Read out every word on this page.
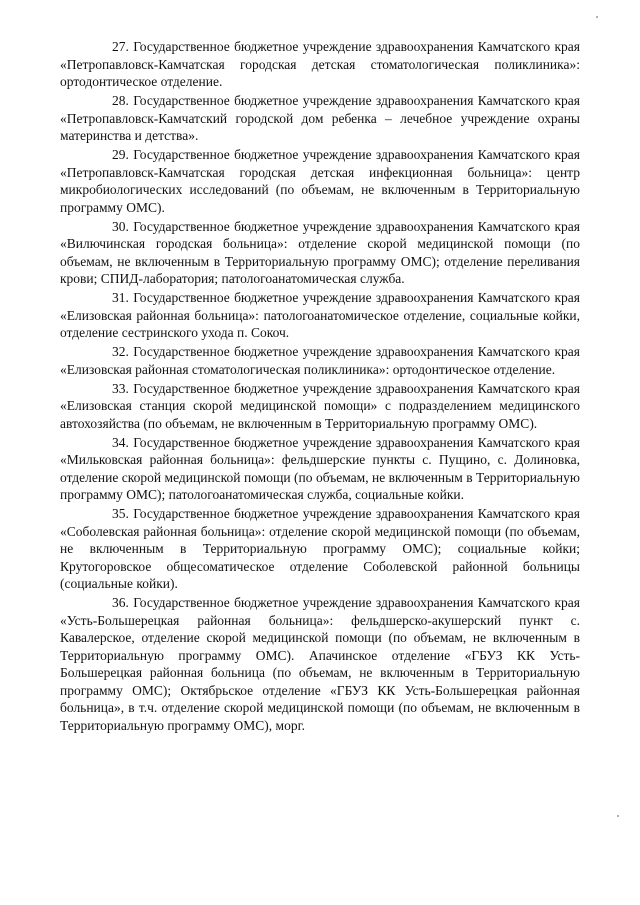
27. Государственное бюджетное учреждение здравоохранения Камчатского края «Петропавловск-Камчатская городская детская стоматологическая поликлиника»: ортодонтическое отделение.

28. Государственное бюджетное учреждение здравоохранения Камчатского края «Петропавловск-Камчатский городской дом ребенка – лечебное учреждение охраны материнства и детства».

29. Государственное бюджетное учреждение здравоохранения Камчатского края «Петропавловск-Камчатская городская детская инфекционная больница»: центр микробиологических исследований (по объемам, не включенным в Территориальную программу ОМС).

30. Государственное бюджетное учреждение здравоохранения Камчатского края «Вилючинская городская больница»: отделение скорой медицинской помощи (по объемам, не включенным в Территориальную программу ОМС); отделение переливания крови; СПИД-лаборатория; патологоанатомическая служба.

31. Государственное бюджетное учреждение здравоохранения Камчатского края «Елизовская районная больница»: патологоанатомическое отделение, социальные койки, отделение сестринского ухода п. Сокоч.

32. Государственное бюджетное учреждение здравоохранения Камчатского края «Елизовская районная стоматологическая поликлиника»: ортодонтическое отделение.

33. Государственное бюджетное учреждение здравоохранения Камчатского края «Елизовская станция скорой медицинской помощи» с подразделением медицинского автохозяйства (по объемам, не включенным в Территориальную программу ОМС).

34. Государственное бюджетное учреждение здравоохранения Камчатского края «Мильковская районная больница»: фельдшерские пункты с. Пущино, с. Долиновка, отделение скорой медицинской помощи (по объемам, не включенным в Территориальную программу ОМС); патологоанатомическая служба, социальные койки.

35. Государственное бюджетное учреждение здравоохранения Камчатского края «Соболевская районная больница»: отделение скорой медицинской помощи (по объемам, не включенным в Территориальную программу ОМС); социальные койки; Крутогоровское общесоматическое отделение Соболевской районной больницы (социальные койки).

36. Государственное бюджетное учреждение здравоохранения Камчатского края «Усть-Большерецкая районная больница»: фельдшерско-акушерский пункт с. Кавалерское, отделение скорой медицинской помощи (по объемам, не включенным в Территориальную программу ОМС). Апачинское отделение «ГБУЗ КК Усть-Большерецкая районная больница (по объемам, не включенным в Территориальную программу ОМС); Октябрьское отделение «ГБУЗ КК Усть-Большерецкая районная больница», в т.ч. отделение скорой медицинской помощи (по объемам, не включенным в Территориальную программу ОМС), морг.
